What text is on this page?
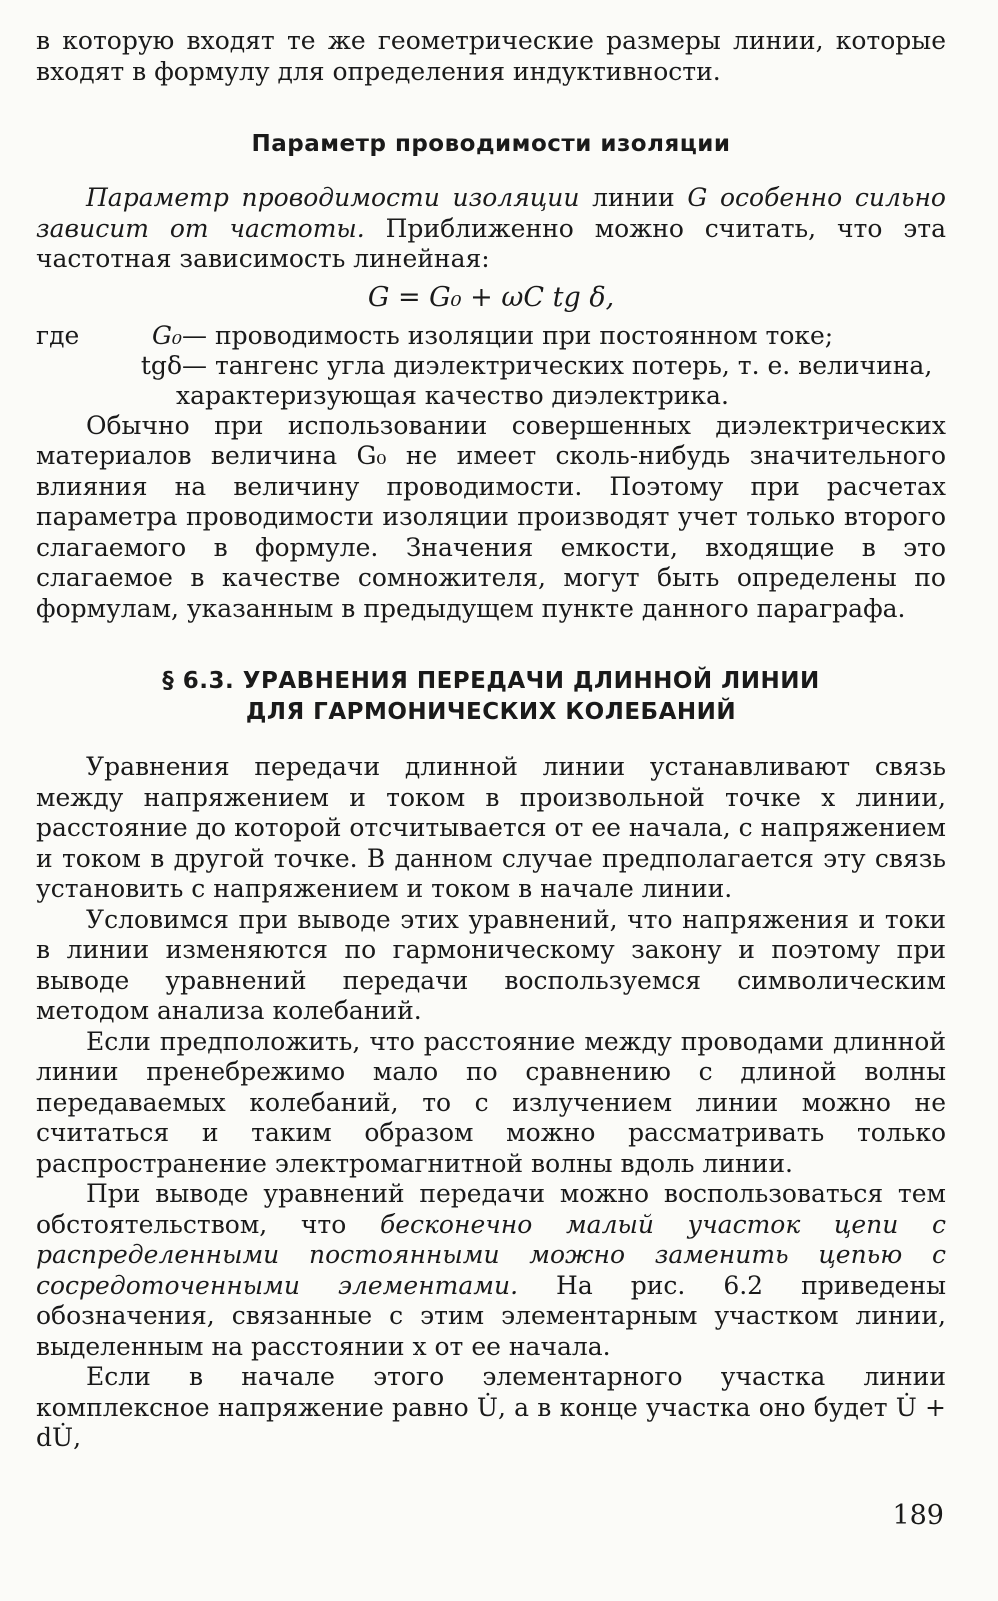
в которую входят те же геометрические размеры линии, которые входят в формулу для определения индуктивности.

Параметр проводимости изоляции

Параметр проводимости изоляции линии G особенно сильно зависит от частоты. Приближенно можно считать, что эта частотная зависимость линейная:

G = G₀ + ωC tg δ,
где	G₀ — проводимость изоляции при постоянном токе;
tgδ — тангенс угла диэлектрических потерь, т. е. величина,
характеризующая качество диэлектрика.

Обычно при использовании совершенных диэлектрических материалов величина G₀ не имеет сколь-нибудь значительного влияния на величину проводимости. Поэтому при расчетах параметра проводимости изоляции производят учет только второго слагаемого в формуле. Значения емкости, входящие в это слагаемое в качестве сомножителя, могут быть определены по формулам, указанным в предыдущем пункте данного параграфа.

§ 6.3. УРАВНЕНИЯ ПЕРЕДАЧИ ДЛИННОЙ ЛИНИИ
ДЛЯ ГАРМОНИЧЕСКИХ КОЛЕБАНИЙ

Уравнения передачи длинной линии устанавливают связь между напряжением и током в произвольной точке x линии, расстояние до которой отсчитывается от ее начала, с напряжением и током в другой точке. В данном случае предполагается эту связь установить с напряжением и током в начале линии.

Условимся при выводе этих уравнений, что напряжения и токи в линии изменяются по гармоническому закону и поэтому при выводе уравнений передачи воспользуемся символическим методом анализа колебаний.

Если предположить, что расстояние между проводами длинной линии пренебрежимо мало по сравнению с длиной волны передаваемых колебаний, то с излучением линии можно не считаться и таким образом можно рассматривать только распространение электромагнитной волны вдоль линии.

При выводе уравнений передачи можно воспользоваться тем обстоятельством, что бесконечно малый участок цепи с распределенными постоянными можно заменить цепью с сосредоточенными элементами. На рис. 6.2 приведены обозначения, связанные с этим элементарным участком линии, выделенным на расстоянии x от ее начала.

Если в начале этого элементарного участка линии комплексное напряжение равно U̇, а в конце участка оно будет U̇ + dU̇,

189
